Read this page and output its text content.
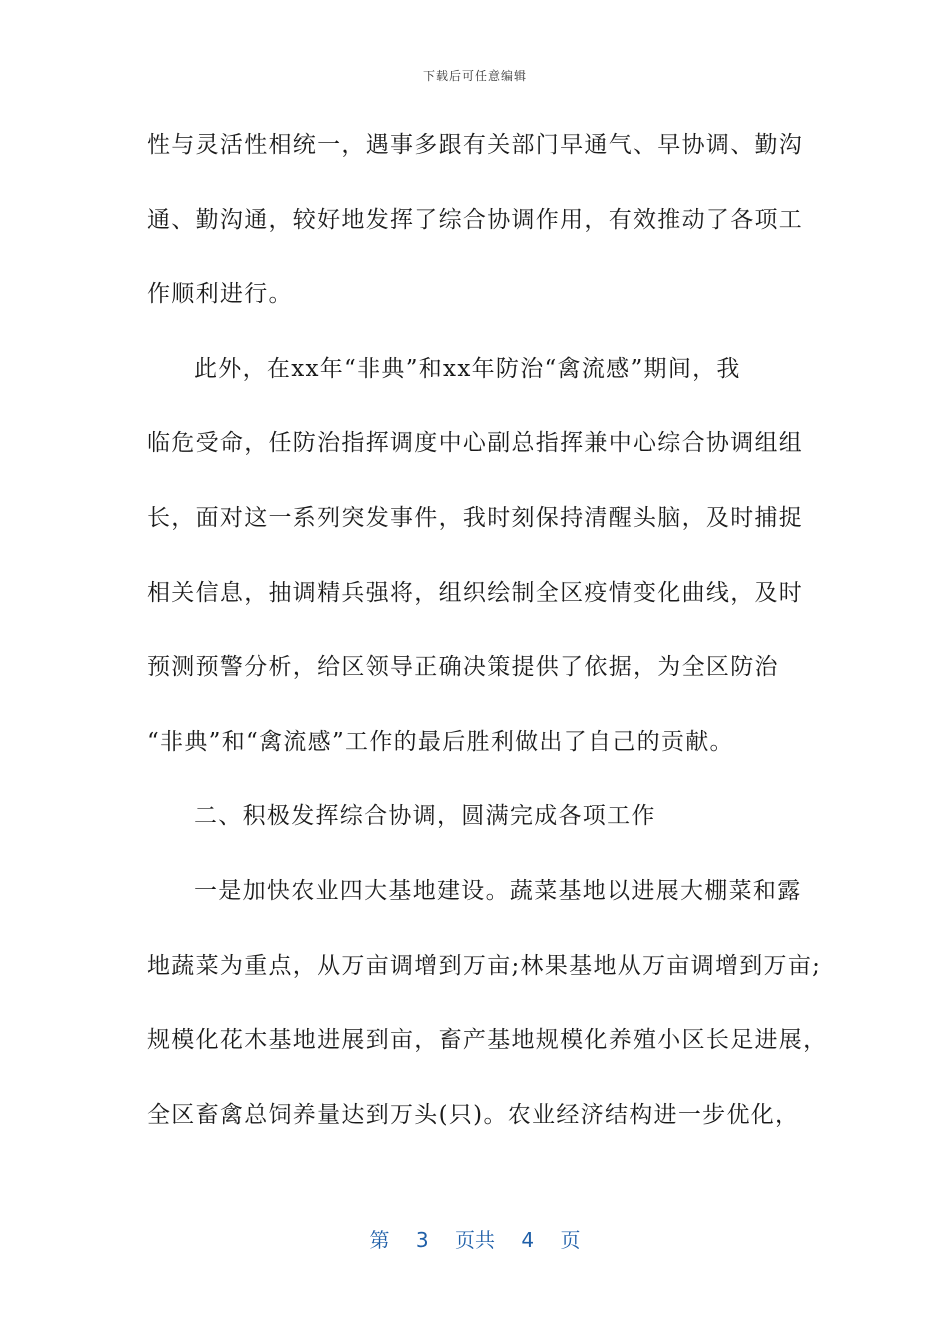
下载后可任意编辑
性与灵活性相统一，遇事多跟有关部门早通气、早协调、勤沟
通、勤沟通，较好地发挥了综合协调作用，有效推动了各项工
作顺利进行。
此外，在xx年“非典”和xx年防治“禽流感”期间，我
临危受命，任防治指挥调度中心副总指挥兼中心综合协调组组
长，面对这一系列突发事件，我时刻保持清醒头脑，及时捕捉
相关信息，抽调精兵强将，组织绘制全区疫情变化曲线，及时
预测预警分析，给区领导正确决策提供了依据，为全区防治
“非典”和“禽流感”工作的最后胜利做出了自己的贡献。
二、积极发挥综合协调，圆满完成各项工作
一是加快农业四大基地建设。蔬菜基地以进展大棚菜和露
地蔬菜为重点，从万亩调增到万亩;林果基地从万亩调增到万亩;
规模化花木基地进展到亩，畜产基地规模化养殖小区长足进展，
全区畜禽总饲养量达到万头(只)。农业经济结构进一步优化，
第 3 页共 4 页
